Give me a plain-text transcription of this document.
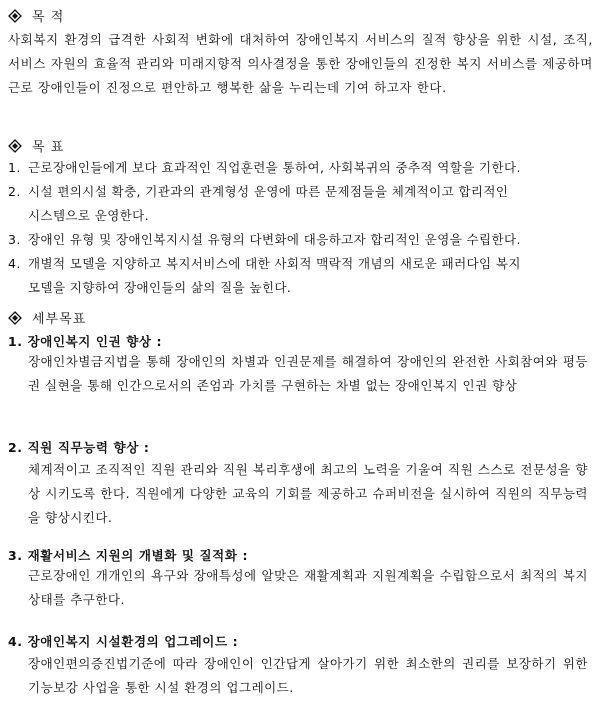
목 적
사회복지 환경의 급격한 사회적 변화에 대처하여 장애인복지 서비스의 질적 향상을 위한 시설, 조직, 서비스 자원의 효율적 관리와 미래지향적 의사결정을 통한 장애인들의 진정한 복지 서비스를 제공하며 근로 장애인들이 진정으로 편안하고 행복한 삶을 누리는데 기여 하고자 한다.
목 표
1. 근로장애인들에게 보다 효과적인 직업훈련을 통하여, 사회복귀의 중추적 역할을 기한다.
2. 시설 편의시설 확충, 기관과의 관계형성 운영에 따른 문제점들을 체계적이고 합리적인
시스템으로 운영한다.
3. 장애인 유형 및 장애인복지시설 유형의 다변화에 대응하고자 합리적인 운영을 수립한다.
4. 개별적 모델을 지양하고 복지서비스에 대한 사회적 맥락적 개념의 새로운 패러다임 복지
모델을 지향하여 장애인들의 삶의 질을 높힌다.
세부목표
1. 장애인복지 인권 향상 :
장애인차별금지법을 통해 장애인의 차별과 인권문제를 해결하여 장애인의 완전한 사회참여와 평등권 실현을 통해 인간으로서의 존엄과 가치를 구현하는 차별 없는 장애인복지 인권 향상
2. 직원 직무능력 향상 :
체계적이고 조직적인 직원 관리와 직원 복리후생에 최고의 노력을 기울여 직원 스스로 전문성을 향상 시키도록 한다. 직원에게 다양한 교육의 기회를 제공하고 슈퍼비전을 실시하여 직원의 직무능력을 향상시킨다.
3. 재활서비스 지원의 개별화 및 질적화 :
근로장애인 개개인의 욕구와 장애특성에 알맞은 재활계획과 지원계획을 수립함으로서 최적의 복지 상태를 추구한다.
4. 장애인복지 시설환경의 업그레이드 :
장애인편의증진법기준에 따라 장애인이 인간답게 살아가기 위한 최소한의 권리를 보장하기 위한 기능보강 사업을 통한 시설 환경의 업그레이드.
